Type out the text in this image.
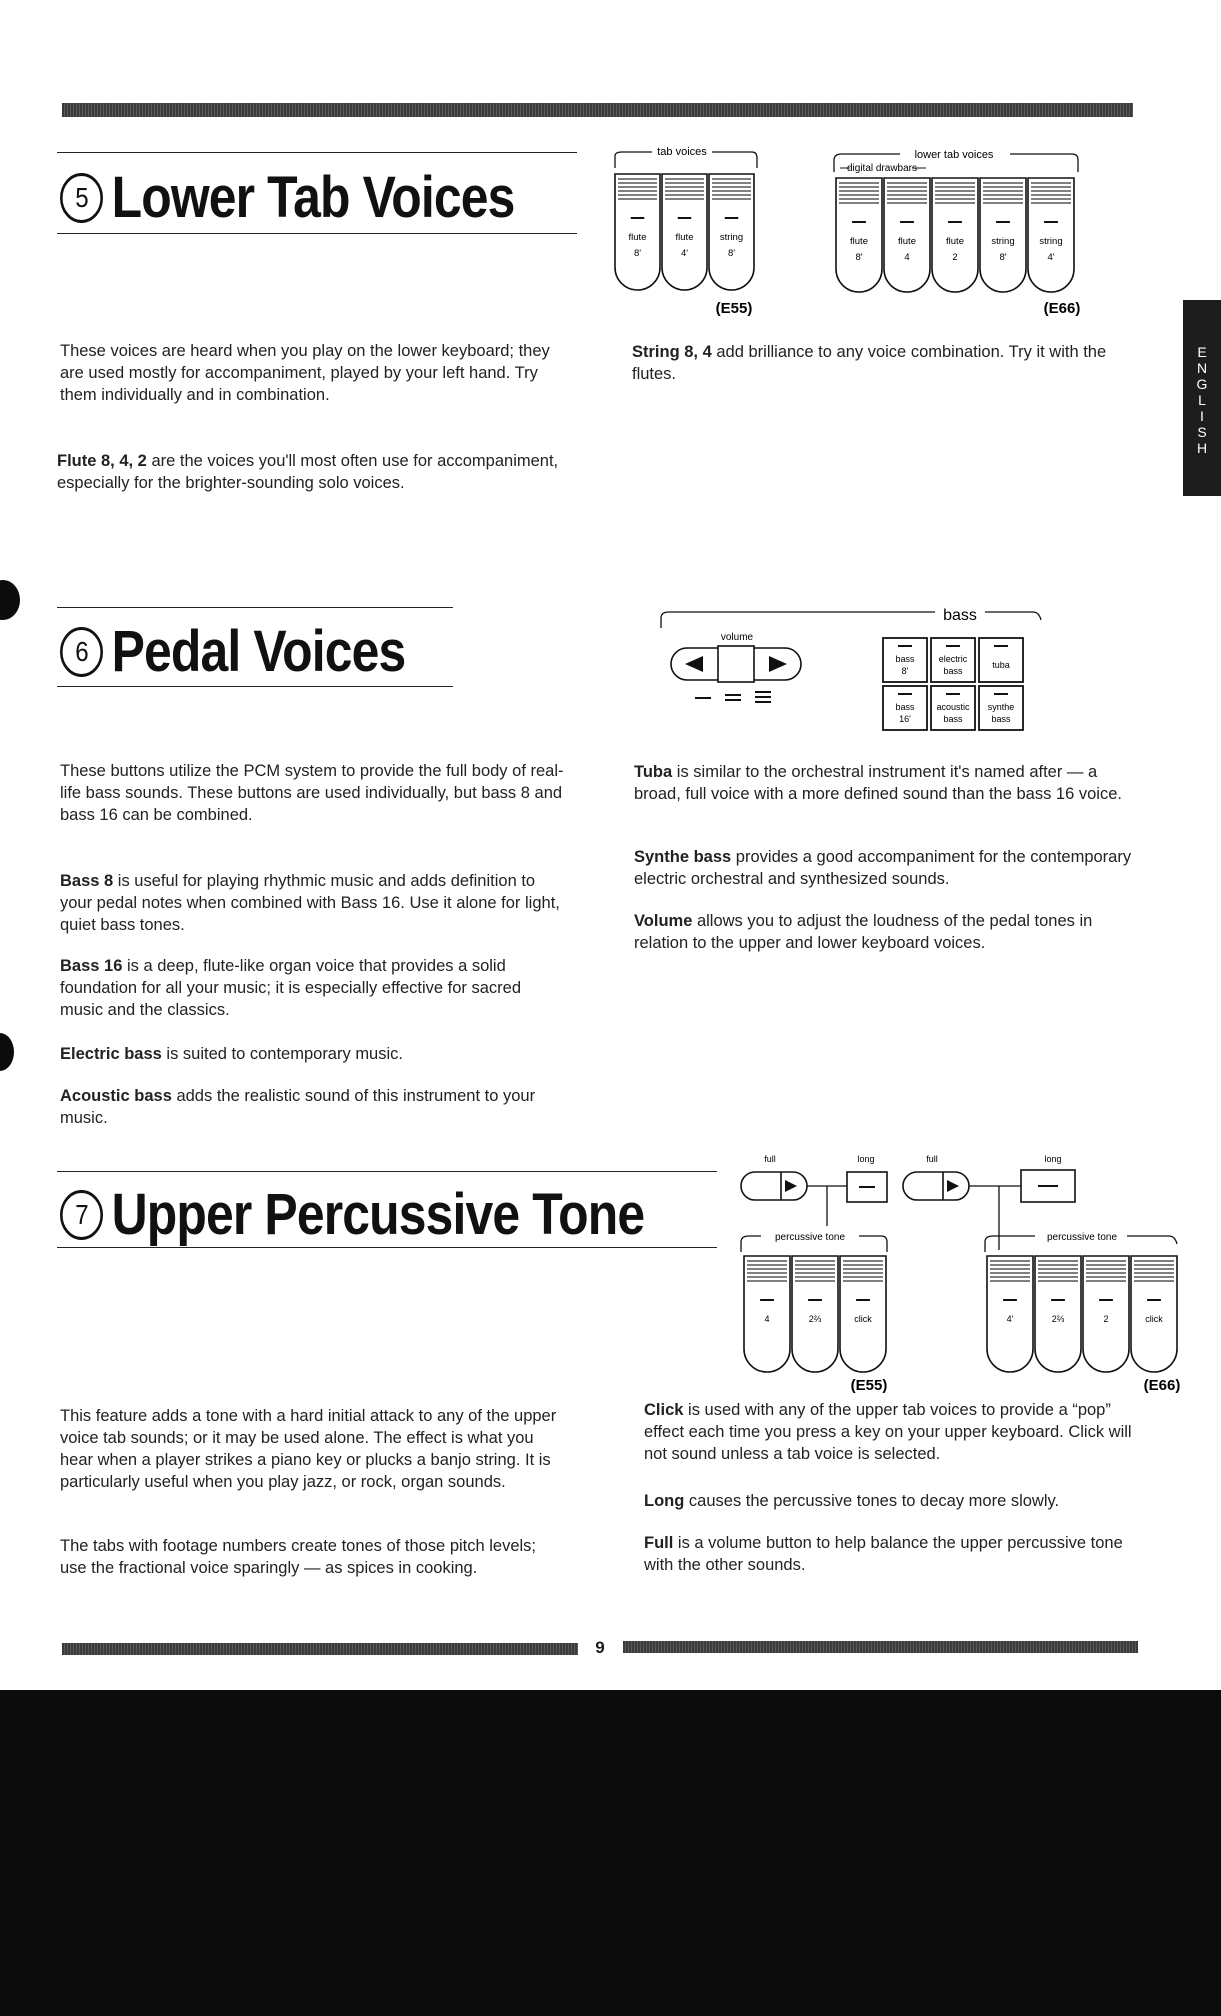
E
N
G
L
I
S
H
5 Lower Tab Voices
tab voices
flute
8'
flute
4'
string
8'
(E55)
lower tab voices
digital drawbars
flute
8'
flute
4
flute
2
string
8'
string
4'
(E66)

These voices are heard when you play on the lower keyboard; they are used mostly for accompaniment, played by your left hand. Try them individually and in combination.

Flute 8, 4, 2 are the voices you'll most often use for accompaniment, especially for the brighter-sounding solo voices.

String 8, 4 add brilliance to any voice combination. Try it with the flutes.

6 Pedal Voices
bass
volume
bass
8'
electric
bass
tuba
bass
16'
acoustic
bass
synthe
bass

These buttons utilize the PCM system to provide the full body of real-life bass sounds. These buttons are used individually, but bass 8 and bass 16 can be combined.

Bass 8 is useful for playing rhythmic music and adds definition to your pedal notes when combined with Bass 16. Use it alone for light, quiet bass tones.

Bass 16 is a deep, flute-like organ voice that provides a solid foundation for all your music; it is especially effective for sacred music and the classics.

Electric bass is suited to contemporary music.

Acoustic bass adds the realistic sound of this instrument to your music.

Tuba is similar to the orchestral instrument it's named after — a broad, full voice with a more defined sound than the bass 16 voice.

Synthe bass provides a good accompaniment for the contemporary electric orchestral and synthesized sounds.

Volume allows you to adjust the loudness of the pedal tones in relation to the upper and lower keyboard voices.

7 Upper Percussive Tone
full	long	full	long
percussive tone
4	2⅔	click
(E55)
percussive tone
4'	2⅔	2	click
(E66)

This feature adds a tone with a hard initial attack to any of the upper voice tab sounds; or it may be used alone. The effect is what you hear when a player strikes a piano key or plucks a banjo string. It is particularly useful when you play jazz, or rock, organ sounds.

The tabs with footage numbers create tones of those pitch levels; use the fractional voice sparingly — as spices in cooking.

Click is used with any of the upper tab voices to provide a “pop” effect each time you press a key on your upper keyboard. Click will not sound unless a tab voice is selected.

Long causes the percussive tones to decay more slowly.

Full is a volume button to help balance the upper percussive tone with the other sounds.

9
